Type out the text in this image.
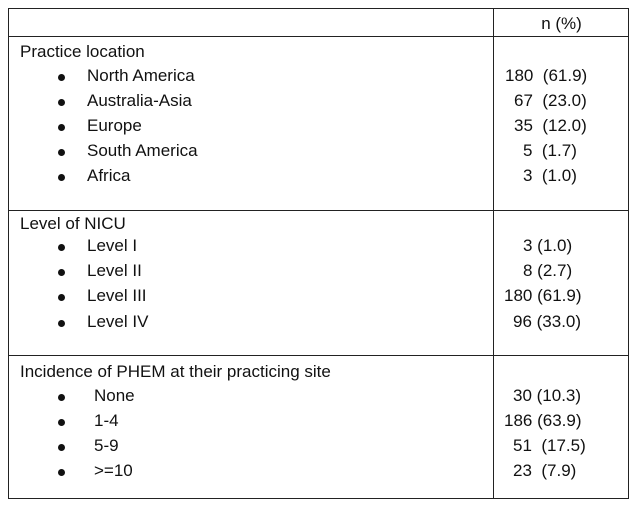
n (%)
Practice location
North America	180  (61.9)
Australia-Asia	67  (23.0)
Europe	35  (12.0)
South America	5  (1.7)
Africa	3  (1.0)
Level of NICU
Level I	3 (1.0)
Level II	8 (2.7)
Level III	180 (61.9)
Level IV	96 (33.0)
Incidence of PHEM at their practicing site
None	30 (10.3)
1-4	186 (63.9)
5-9	51  (17.5)
>=10	23  (7.9)
